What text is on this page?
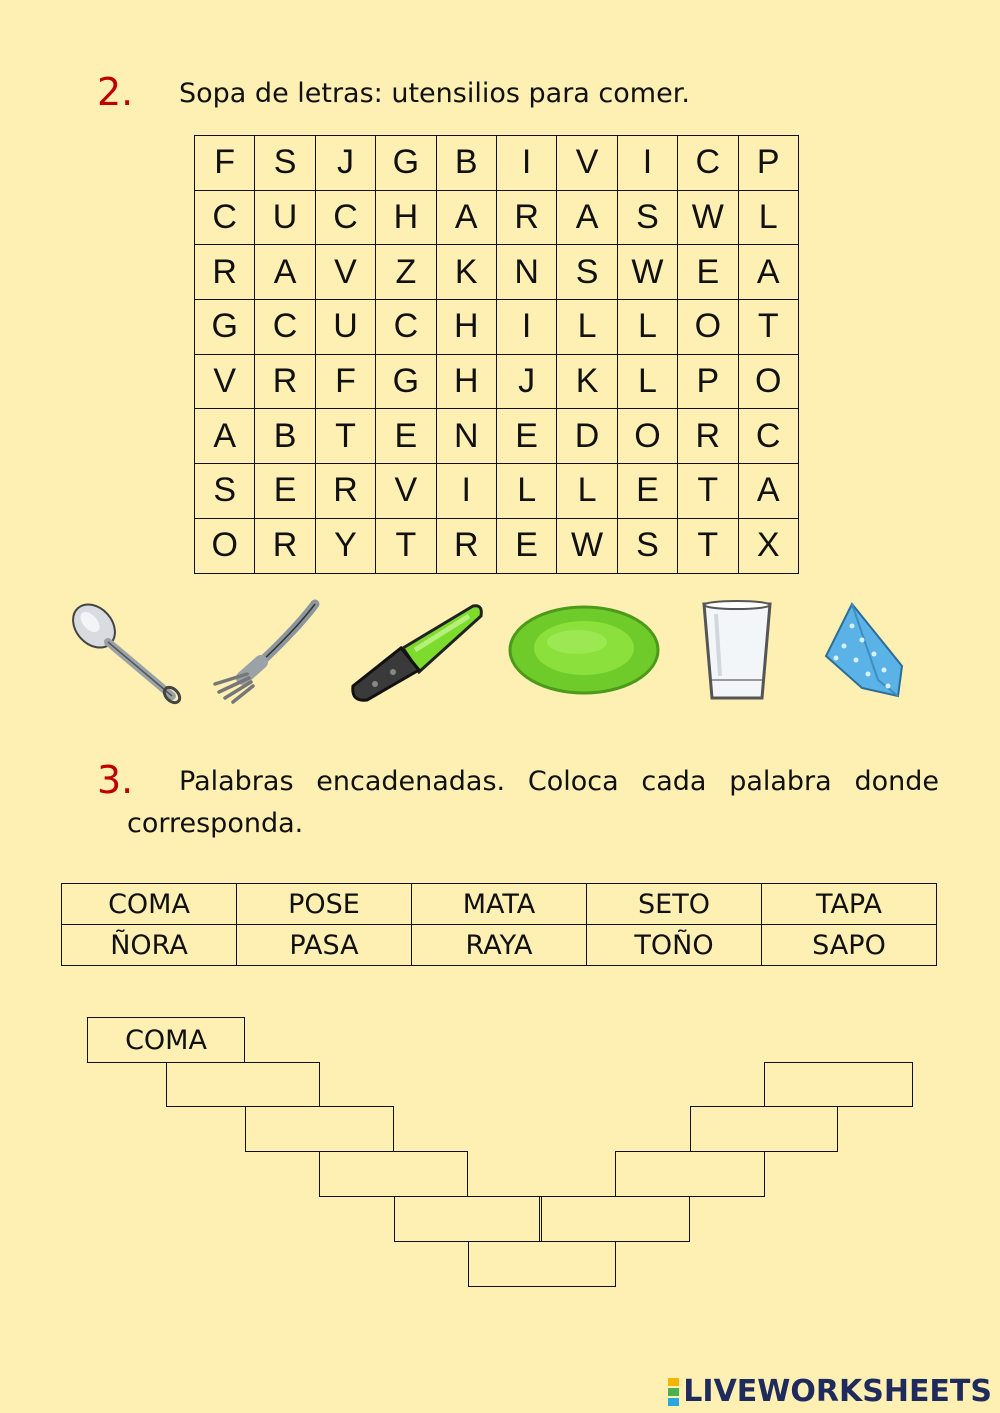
2. Sopa de letras: utensilios para comer.
F	S	J	G	B	I	V	I	C	P
C	U	C	H	A	R	A	S	W	L
R	A	V	Z	K	N	S	W	E	A
G	C	U	C	H	I	L	L	O	T
V	R	F	G	H	J	K	L	P	O
A	B	T	E	N	E	D	O	R	C
S	E	R	V	I	L	L	E	T	A
O	R	Y	T	R	E	W	S	T	X
3. Palabras encadenadas. Coloca cada palabra donde
corresponda.
COMA	POSE	MATA	SETO	TAPA
ÑORA	PASA	RAYA	TOÑO	SAPO
COMA
LIVEWORKSHEETS
